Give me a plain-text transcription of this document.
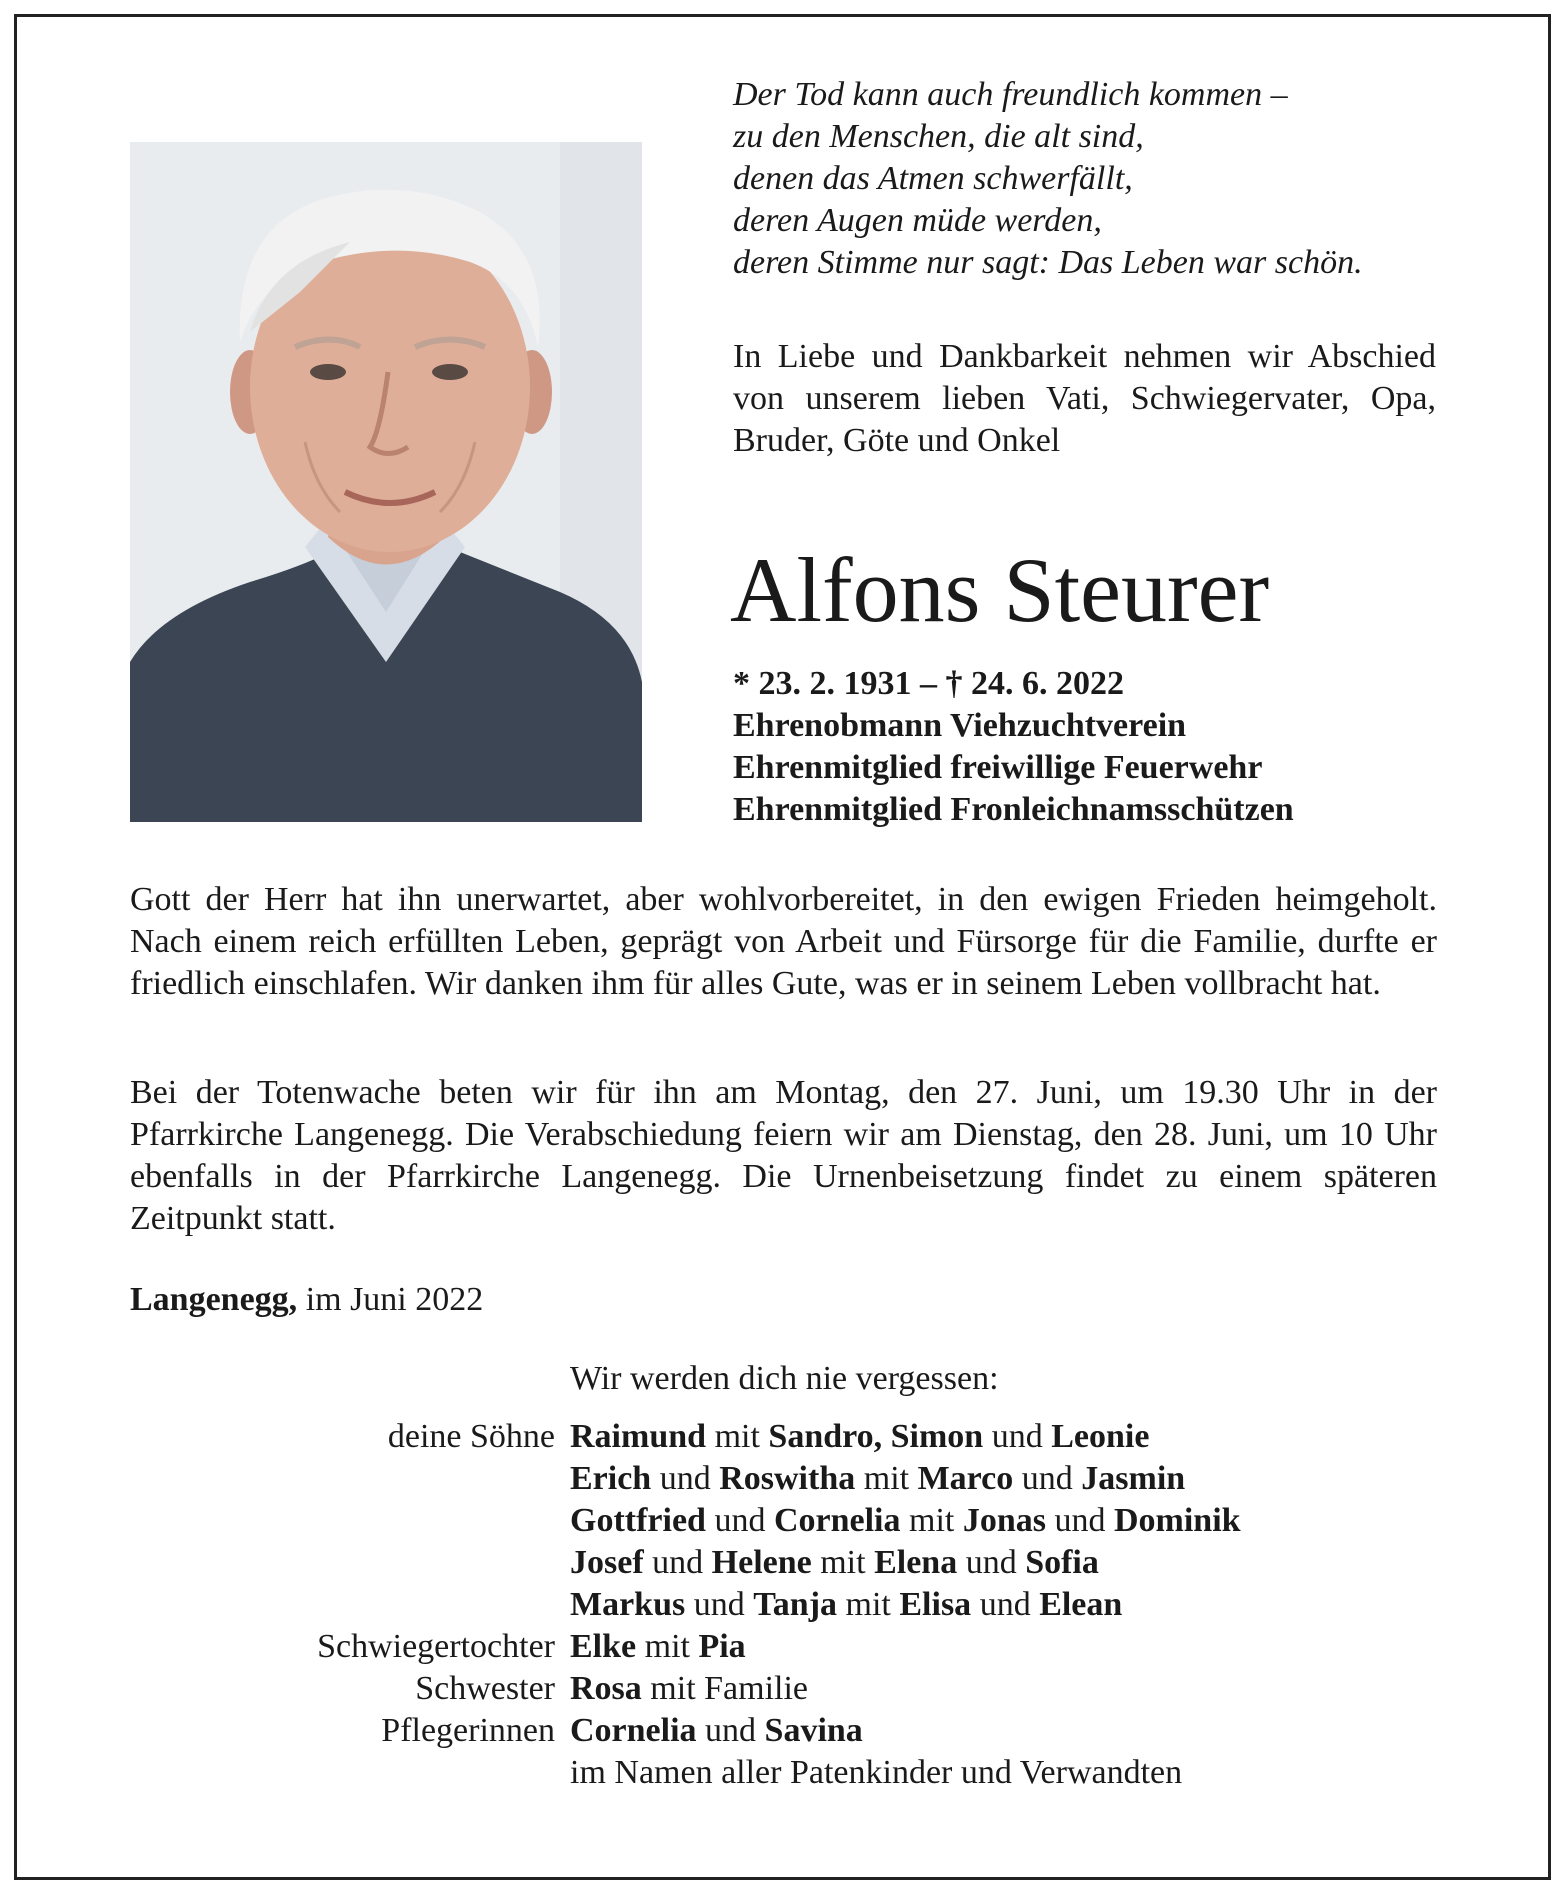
Der Tod kann auch freundlich kommen –
zu den Menschen, die alt sind,
denen das Atmen schwerfällt,
deren Augen müde werden,
deren Stimme nur sagt: Das Leben war schön.
In Liebe und Dankbarkeit nehmen wir Abschied von unserem lieben Vati, Schwiegervater, Opa, Bruder, Göte und Onkel
Alfons Steurer
* 23. 2. 1931 – † 24. 6. 2022
Ehrenobmann Viehzuchtverein
Ehrenmitglied freiwillige Feuerwehr
Ehrenmitglied Fronleichnamsschützen
Gott der Herr hat ihn unerwartet, aber wohlvorbereitet, in den ewigen Frieden heimgeholt. Nach einem reich erfüllten Leben, geprägt von Arbeit und Fürsorge für die Familie, durfte er friedlich einschlafen. Wir danken ihm für alles Gute, was er in seinem Leben vollbracht hat.
Bei der Totenwache beten wir für ihn am Montag, den 27. Juni, um 19.30 Uhr in der Pfarrkirche Langenegg. Die Verabschiedung feiern wir am Dienstag, den 28. Juni, um 10 Uhr ebenfalls in der Pfarrkirche Langenegg. Die Urnenbeisetzung findet zu einem späteren Zeitpunkt statt.
Langenegg, im Juni 2022
Wir werden dich nie vergessen:
deine Söhne
Schwiegertochter
Schwester
Pflegerinnen
Raimund mit Sandro, Simon und Leonie
Erich und Roswitha mit Marco und Jasmin
Gottfried und Cornelia mit Jonas und Dominik
Josef und Helene mit Elena und Sofia
Markus und Tanja mit Elisa und Elean
Elke mit Pia
Rosa mit Familie
Cornelia und Savina
im Namen aller Patenkinder und Verwandten
